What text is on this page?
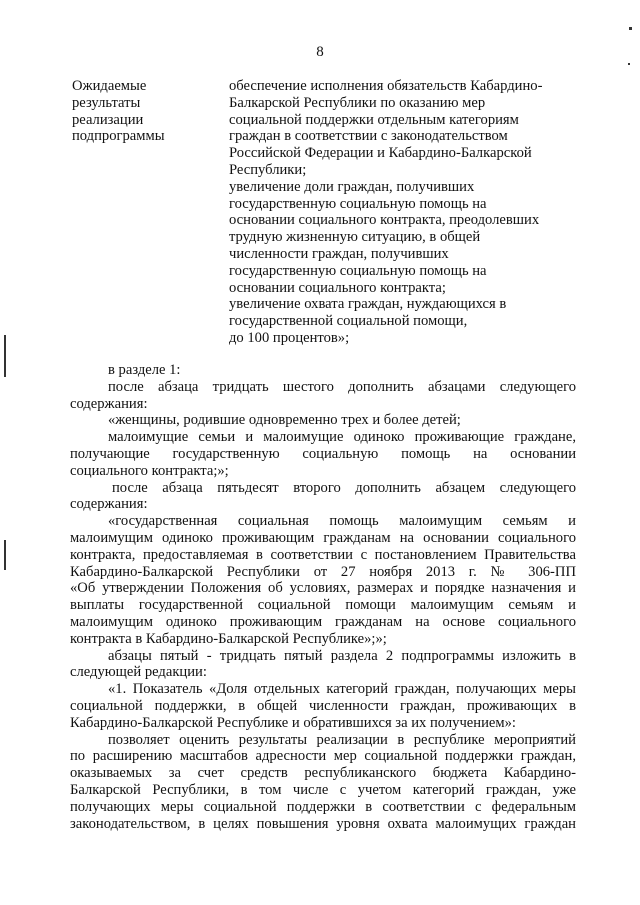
8
Ожидаемые
результаты
реализации
подпрограммы
обеспечение исполнения обязательств Кабардино-
Балкарской Республики по оказанию мер
социальной поддержки отдельным категориям
граждан в соответствии с законодательством
Российской Федерации и Кабардино-Балкарской
Республики;
увеличение доли граждан, получивших
государственную социальную помощь на
основании социального контракта, преодолевших
трудную жизненную ситуацию, в общей
численности граждан, получивших
государственную социальную помощь на
основании социального контракта;
увеличение охвата граждан, нуждающихся в
государственной социальной помощи,
до 100 процентов»;
в разделе 1:
после абзаца тридцать шестого дополнить абзацами следующего
содержания:
«женщины, родившие одновременно трех и более детей;
малоимущие семьи и малоимущие одиноко проживающие граждане,
получающие государственную социальную помощь на основании
социального контракта;»;
после абзаца пятьдесят второго дополнить абзацем следующего
содержания:
«государственная социальная помощь малоимущим семьям и
малоимущим одиноко проживающим гражданам на основании социального
контракта, предоставляемая в соответствии с постановлением Правительства
Кабардино-Балкарской Республики от 27 ноября 2013 г. № 306-ПП
«Об утверждении Положения об условиях, размерах и порядке назначения и
выплаты государственной социальной помощи малоимущим семьям и
малоимущим одиноко проживающим гражданам на основе социального
контракта в Кабардино-Балкарской Республике»;»;
абзацы пятый - тридцать пятый раздела 2 подпрограммы изложить в
следующей редакции:
«1. Показатель «Доля отдельных категорий граждан, получающих меры
социальной поддержки, в общей численности граждан, проживающих в
Кабардино-Балкарской Республике и обратившихся за их получением»:
позволяет оценить результаты реализации в республике мероприятий
по расширению масштабов адресности мер социальной поддержки граждан,
оказываемых за счет средств республиканского бюджета Кабардино-
Балкарской Республики, в том числе с учетом категорий граждан, уже
получающих меры социальной поддержки в соответствии с федеральным
законодательством, в целях повышения уровня охвата малоимущих граждан
